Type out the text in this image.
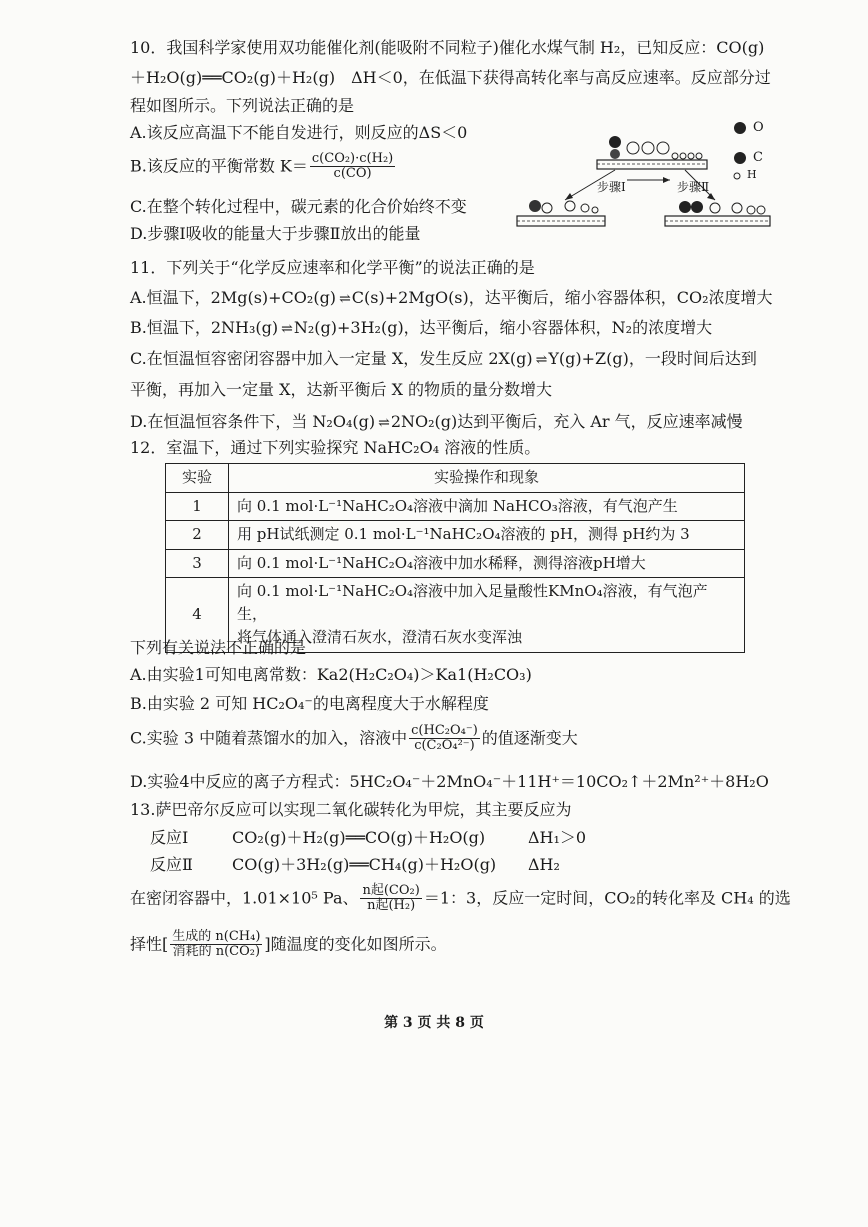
10．我国科学家使用双功能催化剂(能吸附不同粒子)催化水煤气制 H₂，已知反应：CO(g)
＋H₂O(g)══CO₂(g)＋H₂(g)　ΔH＜0，在低温下获得高转化率与高反应速率。反应部分过
程如图所示。下列说法正确的是
A.该反应高温下不能自发进行，则反应的ΔS＜0
B.该反应的平衡常数 $K= \frac{\text{c(CO₂)·c(H₂)}}{c(CO)}$
C.在整个转化过程中，碳元素的化合价始终不变
D.步骤Ⅰ吸收的能量大于步骤Ⅱ放出的能量
O
C
H
步骤Ⅰ	步骤Ⅱ
11．下列关于“化学反应速率和化学平衡”的说法正确的是
A.恒温下，2Mg(s)+CO₂(g) ⇌ C(s)+2MgO(s)，达平衡后，缩小容器体积，CO₂浓度增大
B.恒温下，2NH₃(g) ⇌ N₂(g)+3H₂(g)，达平衡后，缩小容器体积，N₂的浓度增大
C.在恒温恒容密闭容器中加入一定量 X，发生反应 2X(g) ⇌ Y(g)+Z(g)，一段时间后达到
平衡，再加入一定量 X，达新平衡后 X 的物质的量分数增大
D.在恒温恒容条件下，当 N₂O₄(g) ⇌ 2NO₂(g)达到平衡后，充入 Ar 气，反应速率减慢
12．室温下，通过下列实验探究 NaHC₂O₄ 溶液的性质。
实验	实验操作和现象
1	向 0.1 mol·L⁻¹NaHC₂O₄溶液中滴加 NaHCO₃溶液，有气泡产生
2	用 pH试纸测定 0.1 mol·L⁻¹NaHC₂O₄溶液的 pH，测得 pH约为 3
3	向 0.1 mol·L⁻¹NaHC₂O₄溶液中加水稀释，测得溶液pH增大
4	向 0.1 mol·L⁻¹NaHC₂O₄溶液中加入足量酸性KMnO₄溶液，有气泡产生，
将气体通入澄清石灰水，澄清石灰水变浑浊
下列有关说法不正确的是
A.由实验1可知电离常数：Ka2(H₂C₂O₄)＞Ka1(H₂CO₃)
B.由实验 2 可知 HC₂O₄⁻的电离程度大于水解程度
C.实验 3 中随着蒸馏水的加入，溶液中 $\frac{\text{c(HC₂O₄⁻)}}{\text{c(C₂O₄²⁻)}}$ 的值逐渐变大
D.实验4中反应的离子方程式：5HC₂O₄⁻＋2MnO₄⁻＋11H⁺＝10CO₂↑＋2Mn²⁺＋8H₂O
13.萨巴帝尔反应可以实现二氧化碳转化为甲烷，其主要反应为
反应Ⅰ	CO₂(g)＋H₂(g)══CO(g)＋H₂O(g)	ΔH₁＞0
反应Ⅱ CO(g)＋3H₂(g)══CH₄(g)＋H₂O(g) ΔH₂
在密闭容器中，1.01×10⁵ Pa、 $\frac{\text{n起(CO₂)}}{\text{n起(H₂)}} =1$：3，反应一定时间，CO₂的转化率及 CH₄ 的选
择性[ $\frac{\text{生成的 n(CH₄)}}{\text{消耗的 n(CO₂)}}$ ]随温度的变化如图所示。
第 3 页 共 8 页
